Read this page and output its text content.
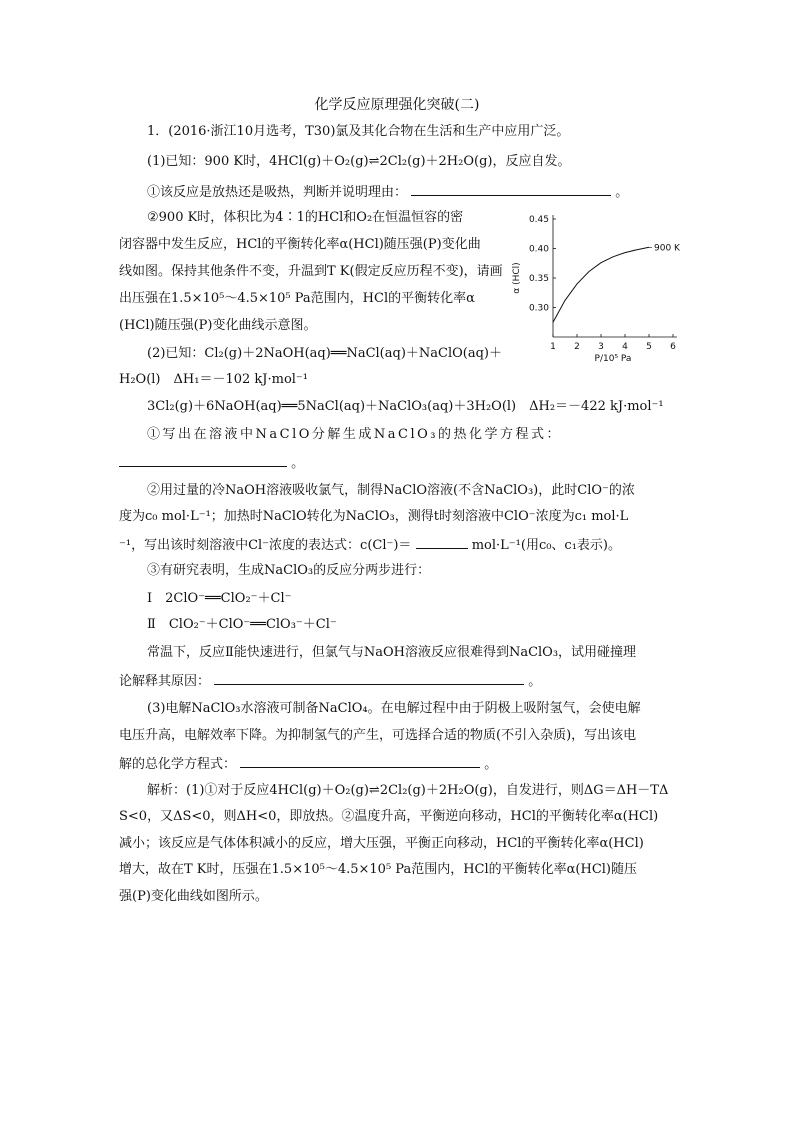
化学反应原理强化突破(二)
1．(2016·浙江10月选考，T30)氯及其化合物在生活和生产中应用广泛。
(1)已知：900 K时，4HCl(g)＋O₂(g)⇌2Cl₂(g)＋2H₂O(g)，反应自发。
①该反应是放热还是吸热，判断并说明理由：	。
②900 K时，体积比为4∶1的HCl和O₂在恒温恒容的密
闭容器中发生反应，HCl的平衡转化率α(HCl)随压强(P)变化曲
线如图。保持其他条件不变，升温到T K(假定反应历程不变)，请画
出压强在1.5×10⁵～4.5×10⁵ Pa范围内，HCl的平衡转化率α
(HCl)随压强(P)变化曲线示意图。
α (HCl)
P/10⁵ Pa
900 K
0.45
0.40
0.35
0.30
1 2 3 4 5 6
(2)已知：Cl₂(g)＋2NaOH(aq)══NaCl(aq)＋NaClO(aq)＋
H₂O(l)　ΔH₁＝－102 kJ·mol⁻¹
3Cl₂(g)＋6NaOH(aq)══5NaCl(aq)＋NaClO₃(aq)＋3H₂O(l)　ΔH₂＝－422 kJ·mol⁻¹
①写出在溶液中NaClO分解生成NaClO₃的热化学方程式：
。
②用过量的冷NaOH溶液吸收氯气，制得NaClO溶液(不含NaClO₃)，此时ClO⁻的浓
度为c₀ mol·L⁻¹；加热时NaClO转化为NaClO₃，测得t时刻溶液中ClO⁻浓度为c₁ mol·L
⁻¹，写出该时刻溶液中Cl⁻浓度的表达式：c(Cl⁻)＝	mol·L⁻¹(用c₀、c₁表示)。
③有研究表明，生成NaClO₃的反应分两步进行：
Ⅰ　2ClO⁻══ClO₂⁻＋Cl⁻
Ⅱ　ClO₂⁻＋ClO⁻══ClO₃⁻＋Cl⁻
常温下，反应Ⅱ能快速进行，但氯气与NaOH溶液反应很难得到NaClO₃，试用碰撞理
论解释其原因：	。
(3)电解NaClO₃水溶液可制备NaClO₄。在电解过程中由于阴极上吸附氢气，会使电解
电压升高，电解效率下降。为抑制氢气的产生，可选择合适的物质(不引入杂质)，写出该电
解的总化学方程式：	。
解析：(1)①对于反应4HCl(g)＋O₂(g)⇌2Cl₂(g)＋2H₂O(g)，自发进行，则ΔG＝ΔH－TΔ
S<0，又ΔS<0，则ΔH<0，即放热。②温度升高，平衡逆向移动，HCl的平衡转化率α(HCl)
减小；该反应是气体体积减小的反应，增大压强，平衡正向移动，HCl的平衡转化率α(HCl)
增大，故在T K时，压强在1.5×10⁵～4.5×10⁵ Pa范围内，HCl的平衡转化率α(HCl)随压
强(P)变化曲线如图所示。
